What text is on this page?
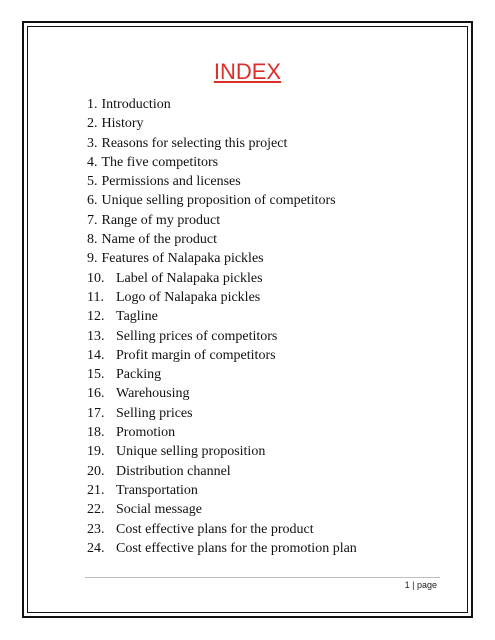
INDEX
1. Introduction
2. History
3. Reasons for selecting this project
4. The five competitors
5. Permissions and licenses
6. Unique selling proposition of competitors
7. Range of my product
8. Name of the product
9. Features of Nalapaka pickles
10. Label of Nalapaka pickles
11. Logo of Nalapaka pickles
12. Tagline
13. Selling prices of competitors
14. Profit margin of competitors
15. Packing
16. Warehousing
17. Selling prices
18. Promotion
19. Unique selling proposition
20. Distribution channel
21. Transportation
22. Social message
23. Cost effective plans for the product
24. Cost effective plans for the promotion plan
1 | page
